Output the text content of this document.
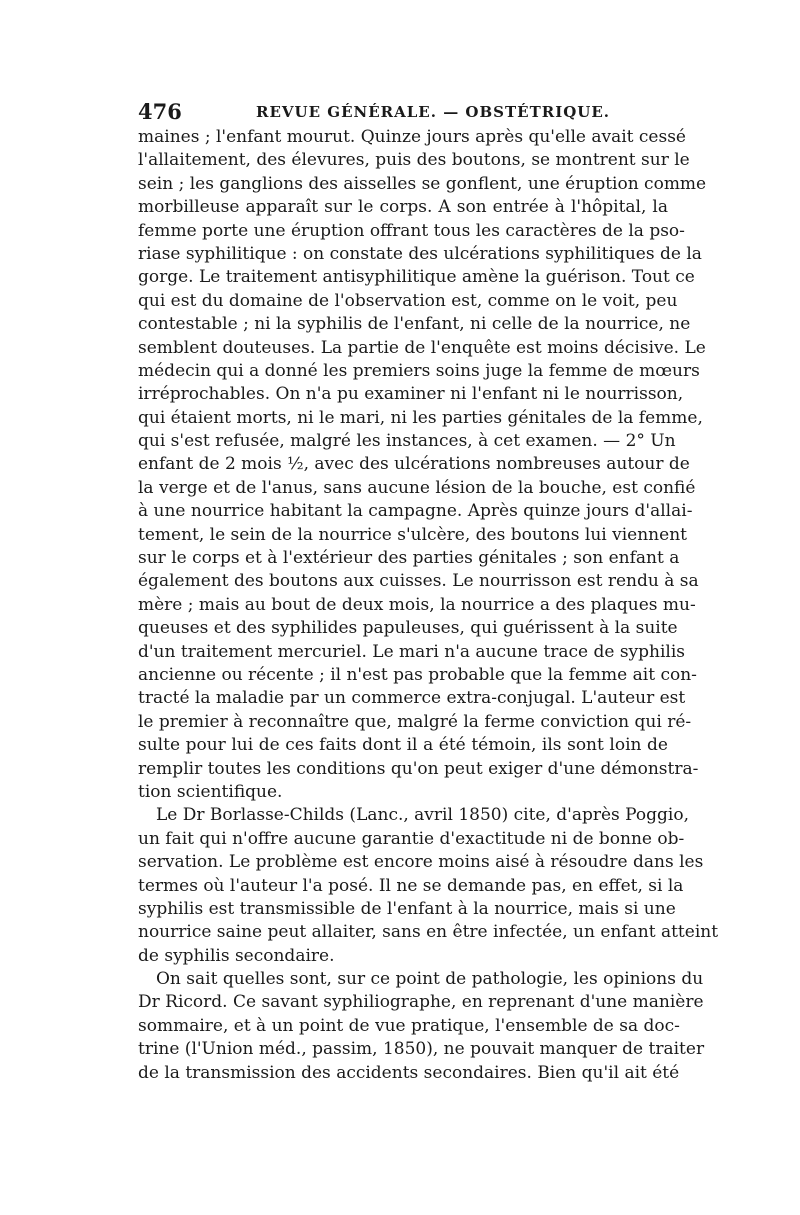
476	REVUE GÉNÉRALE. — OBSTÉTRIQUE.
maines ; l'enfant mourut. Quinze jours après qu'elle avait cessé
l'allaitement, des élevures, puis des boutons, se montrent sur le
sein ; les ganglions des aisselles se gonflent, une éruption comme
morbilleuse apparaît sur le corps. A son entrée à l'hôpital, la
femme porte une éruption offrant tous les caractères de la pso-
riase syphilitique : on constate des ulcérations syphilitiques de la
gorge. Le traitement antisyphilitique amène la guérison. Tout ce
qui est du domaine de l'observation est, comme on le voit, peu
contestable ; ni la syphilis de l'enfant, ni celle de la nourrice, ne
semblent douteuses. La partie de l'enquête est moins décisive. Le
médecin qui a donné les premiers soins juge la femme de mœurs
irréprochables. On n'a pu examiner ni l'enfant ni le nourrisson,
qui étaient morts, ni le mari, ni les parties génitales de la femme,
qui s'est refusée, malgré les instances, à cet examen. — 2° Un
enfant de 2 mois ½, avec des ulcérations nombreuses autour de
la verge et de l'anus, sans aucune lésion de la bouche, est confié
à une nourrice habitant la campagne. Après quinze jours d'allai-
tement, le sein de la nourrice s'ulcère, des boutons lui viennent
sur le corps et à l'extérieur des parties génitales ; son enfant a
également des boutons aux cuisses. Le nourrisson est rendu à sa
mère ; mais au bout de deux mois, la nourrice a des plaques mu-
queuses et des syphilides papuleuses, qui guérissent à la suite
d'un traitement mercuriel. Le mari n'a aucune trace de syphilis
ancienne ou récente ; il n'est pas probable que la femme ait con-
tracté la maladie par un commerce extra-conjugal. L'auteur est
le premier à reconnaître que, malgré la ferme conviction qui ré-
sulte pour lui de ces faits dont il a été témoin, ils sont loin de
remplir toutes les conditions qu'on peut exiger d'une démonstra-
tion scientifique.
Le Dr Borlasse-Childs (Lanc., avril 1850) cite, d'après Poggio,
un fait qui n'offre aucune garantie d'exactitude ni de bonne ob-
servation. Le problème est encore moins aisé à résoudre dans les
termes où l'auteur l'a posé. Il ne se demande pas, en effet, si la
syphilis est transmissible de l'enfant à la nourrice, mais si une
nourrice saine peut allaiter, sans en être infectée, un enfant atteint
de syphilis secondaire.
On sait quelles sont, sur ce point de pathologie, les opinions du
Dr Ricord. Ce savant syphiliographe, en reprenant d'une manière
sommaire, et à un point de vue pratique, l'ensemble de sa doc-
trine (l'Union méd., passim, 1850), ne pouvait manquer de traiter
de la transmission des accidents secondaires. Bien qu'il ait été
